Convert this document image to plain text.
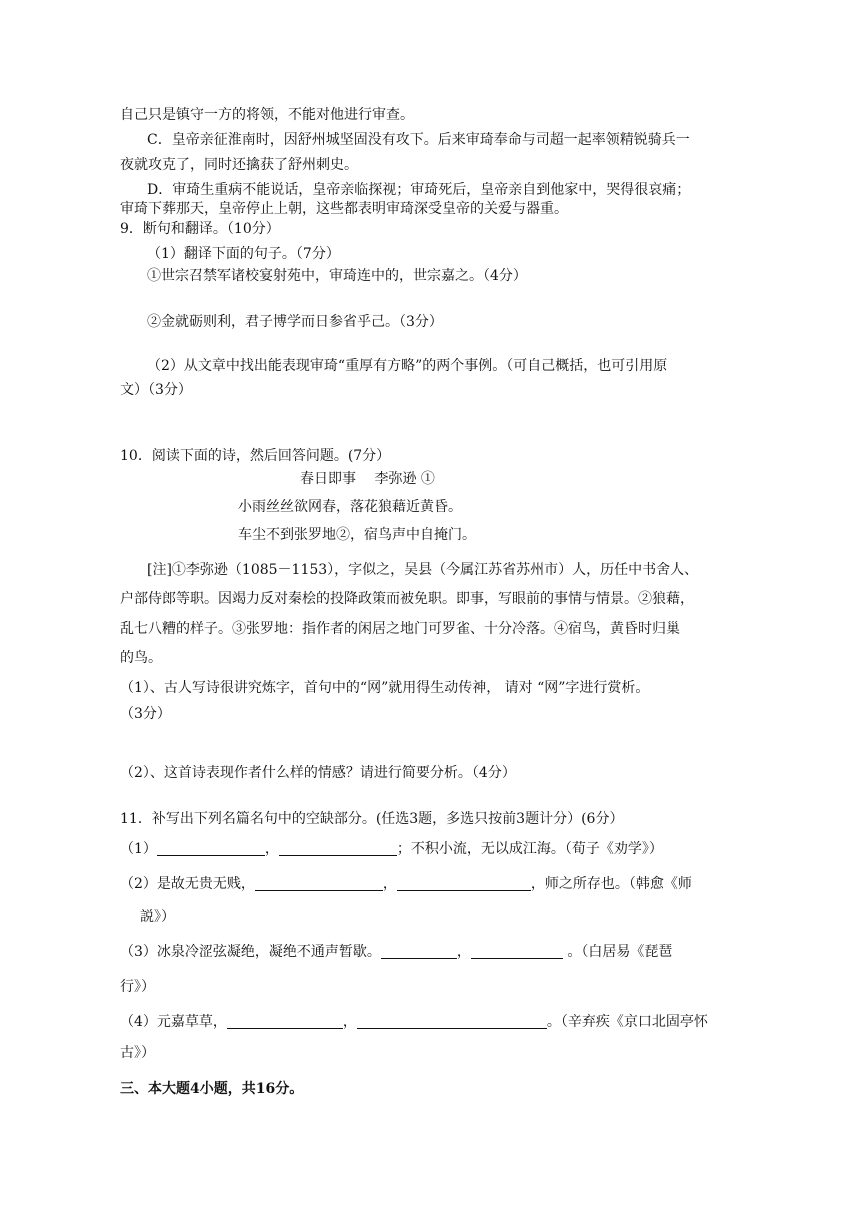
自己只是镇守一方的将领，不能对他进行审查。
C．皇帝亲征淮南时，因舒州城坚固没有攻下。后来审琦奉命与司超一起率领精锐骑兵一
夜就攻克了，同时还擒获了舒州刺史。
D．审琦生重病不能说话，皇帝亲临探视；审琦死后，皇帝亲自到他家中，哭得很哀痛；
审琦下葬那天，皇帝停止上朝，这些都表明审琦深受皇帝的关爱与器重。
9．断句和翻译。（10分）
（1）翻译下面的句子。（7分）
①世宗召禁军诸校宴射苑中，审琦连中的，世宗嘉之。（4分）
②金就砺则利，君子博学而日参省乎己。（3分）
（2）从文章中找出能表现审琦“重厚有方略”的两个事例。（可自己概括，也可引用原
文）（3分）
10．阅读下面的诗，然后回答问题。(7分）
春日即事　 李弥逊 ①
小雨丝丝欲网春，落花狼藉近黄昏。
车尘不到张罗地②，宿鸟声中自掩门。
[注]①李弥逊（1085－1153），字似之，吴县（今属江苏省苏州市）人，历任中书舍人、
户部侍郎等职。因竭力反对秦桧的投降政策而被免职。即事，写眼前的事情与情景。②狼藉，
乱七八糟的样子。③张罗地：指作者的闲居之地门可罗雀、十分冷落。④宿鸟，黄昏时归巢
的鸟。
（1）、古人写诗很讲究炼字，首句中的“网”就用得生动传神， 请对 “网”字进行赏析。
（3分）
（2）、这首诗表现作者什么样的情感？请进行简要分析。（4分）
11．补写出下列名篇名句中的空缺部分。(任选3题，多选只按前3题计分）(6分）
（1）	，	；不积小流，无以成江海。（荀子《劝学》）
（2）是故无贵无贱，	，	，师之所存也。（韩愈《师
説》）
（3）冰泉冷涩弦凝绝，凝绝不通声暂歇。	，	。（白居易《琵琶
行》）
（4）元嘉草草，	，	。（辛弃疾《京口北固亭怀
古》）
三、本大题4小题，共16分。
